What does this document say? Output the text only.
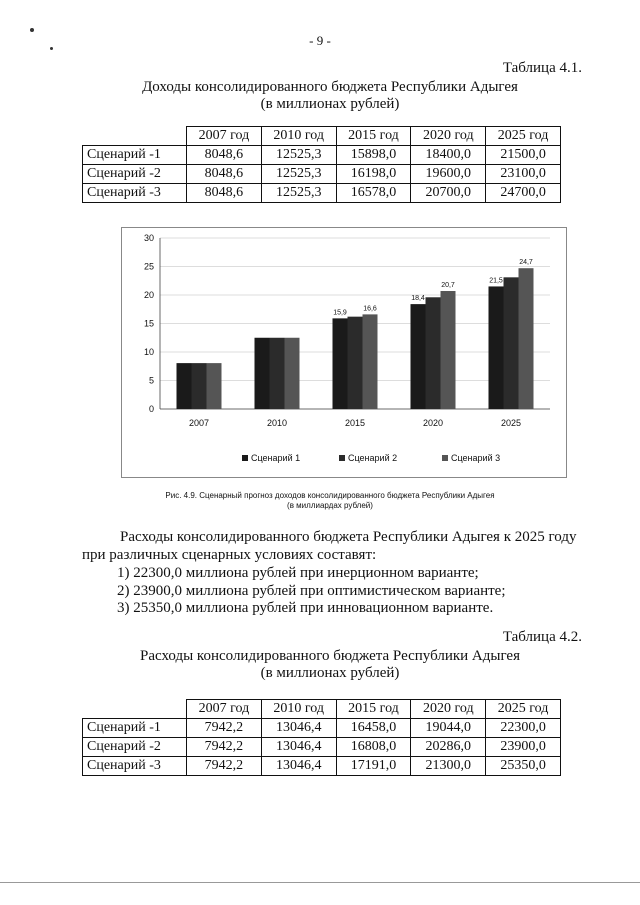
- 9 -
Таблица 4.1.
Доходы консолидированного бюджета Республики Адыгея
(в миллионах рублей)
	2007 год	2010 год	2015 год	2020 год	2025 год
Сценарий -1	8048,6	12525,3	15898,0	18400,0	21500,0
Сценарий -2	8048,6	12525,3	16198,0	19600,0	23100,0
Сценарий -3	8048,6	12525,3	16578,0	20700,0	24700,0
0
5
10
15
20
25
30
2007	2010	2015	2020	2025
15,9
16,6
18,4
20,7
21,5
24,7
Сценарий 1	Сценарий 2	Сценарий 3
Рис. 4.9. Сценарный прогноз доходов консолидированного бюджета Республики Адыгея
(в миллиардах рублей)
Расходы консолидированного бюджета Республики Адыгея к 2025 году
при различных сценарных условиях составят:
1) 22300,0 миллиона рублей при инерционном варианте;
2) 23900,0 миллиона рублей при оптимистическом варианте;
3) 25350,0 миллиона рублей при инновационном варианте.
Таблица 4.2.
Расходы консолидированного бюджета Республики Адыгея
(в миллионах рублей)
	2007 год	2010 год	2015 год	2020 год	2025 год
Сценарий -1	7942,2	13046,4	16458,0	19044,0	22300,0
Сценарий -2	7942,2	13046,4	16808,0	20286,0	23900,0
Сценарий -3	7942,2	13046,4	17191,0	21300,0	25350,0
